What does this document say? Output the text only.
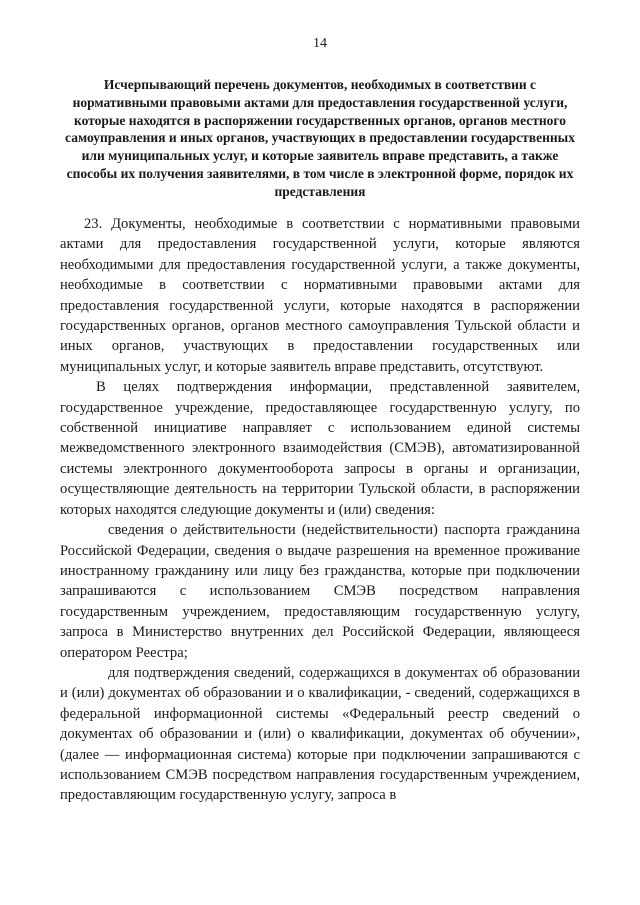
14
Исчерпывающий перечень документов, необходимых в соответствии с нормативными правовыми актами для предоставления государственной услуги, которые находятся в распоряжении государственных органов, органов местного самоуправления и иных органов, участвующих в предоставлении государственных или муниципальных услуг, и которые заявитель вправе представить, а также способы их получения заявителями, в том числе в электронной форме, порядок их представления

23. Документы, необходимые в соответствии с нормативными правовыми актами для предоставления государственной услуги, которые являются необходимыми для предоставления государственной услуги, а также документы, необходимые в соответствии с нормативными правовыми актами для предоставления государственной услуги, которые находятся в распоряжении государственных органов, органов местного самоуправления Тульской области и иных органов, участвующих в предоставлении государственных или муниципальных услуг, и которые заявитель вправе представить, отсутствуют.

В целях подтверждения информации, представленной заявителем, государственное учреждение, предоставляющее государственную услугу, по собственной инициативе направляет с использованием единой системы межведомственного электронного взаимодействия (СМЭВ), автоматизированной системы электронного документооборота запросы в органы и организации, осуществляющие деятельность на территории Тульской области, в распоряжении которых находятся следующие документы и (или) сведения:

сведения о действительности (недействительности) паспорта гражданина Российской Федерации, сведения о выдаче разрешения на временное проживание иностранному гражданину или лицу без гражданства, которые при подключении запрашиваются с использованием СМЭВ посредством направления государственным учреждением, предоставляющим государственную услугу, запроса в Министерство внутренних дел Российской Федерации, являющееся оператором Реестра;

для подтверждения сведений, содержащихся в документах об образовании и (или) документах об образовании и о квалификации, - сведений, содержащихся в федеральной информационной системы «Федеральный реестр сведений о документах об образовании и (или) о квалификации, документах об обучении», (далее — информационная система) которые при подключении запрашиваются с использованием СМЭВ посредством направления государственным учреждением, предоставляющим государственную услугу, запроса в
